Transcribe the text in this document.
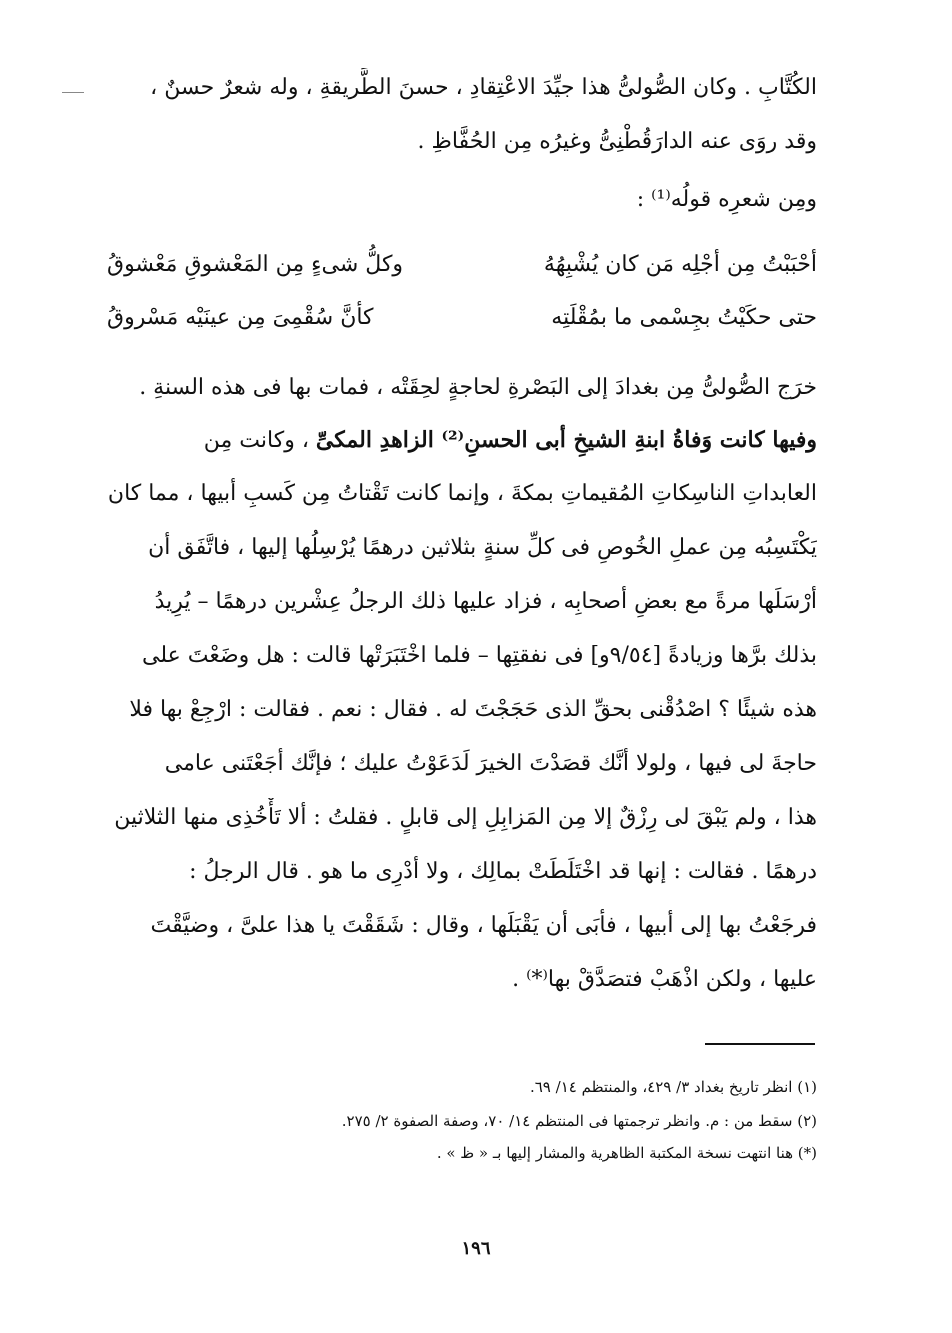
الكُتَّابِ . وكان الصُّولىُّ هذا جيِّدَ الاعْتِقادِ ، حسنَ الطَّريقةِ ، وله شعرٌ حسنٌ ،
وقد روَى عنه الدارَقُطْنِىُّ وغيرُه مِن الحُفَّاظِ .
ومِن شعرِه قولُه⁽¹⁾ :
أحْبَبْتُ مِن أجْلِه مَن كان يُشْبِهُهُ
وكلُّ شىءٍ مِن المَعْشوقِ مَعْشوقُ
حتى حكَيْتُ بجِسْمى ما بمُقْلَتِه
كأنَّ سُقْمِىَ مِن عينَيْه مَسْروقُ
خرَج الصُّولىُّ مِن بغدادَ إلى البَصْرةِ لحاجةٍ لحِقَتْه ، فمات بها فى هذه السنةِ .
وفيها كانت وَفاةُ ابنةِ الشيخِ أبى الحسنِ⁽²⁾ الزاهدِ المكىِّ ، وكانت مِن
العابداتِ الناسِكاتِ المُقيماتِ بمكةَ ، وإنما كانت تَقْتاتُ مِن كَسبِ أبيها ، مما كان
يَكْتَسِبُه مِن عملِ الخُوصِ فى كلِّ سنةٍ بثلاثين درهمًا يُرْسِلُها إليها ، فاتَّفَق أن
أرْسَلَها مرةً مع بعضِ أصحابِه ، فزاد عليها ذلك الرجلُ عِشْرين درهمًا – يُرِيدُ
بذلك برَّها وزيادةً [٩/٥٤و] فى نفقتِها – فلما اخْتَبَرَتْها قالت : هل وضَعْتَ على
هذه شيئًا ؟ اصْدُقْنى بحقِّ الذى حَجَجْتَ له . فقال : نعم . فقالت : ارْجِعْ بها فلا
حاجةَ لى فيها ، ولولا أنَّك قصَدْتَ الخيرَ لَدَعَوْتُ عليك ؛ فإنَّك أجَعْتَنى عامى
هذا ، ولم يَبْقَ لى رِزْقٌ إلا مِن المَزابِلِ إلى قابلٍ . فقلتُ : ألا تَأْخُذِى منها الثلاثين
درهمًا . فقالت : إنها قد اخْتَلَطَتْ بمالِك ، ولا أدْرِى ما هو . قال الرجلُ :
فرجَعْتُ بها إلى أبيها ، فأبَى أن يَقْبَلَها ، وقال : شَقَقْتَ يا هذا علىَّ ، وضيَّقْتَ
عليها ، ولكن اذْهَبْ فتصَدَّقْ بها⁽*⁾ .
(١) انظر تاريخ بغداد ٣/ ٤٢٩، والمنتظم ١٤/ ٦٩.
(٢) سقط من : م. وانظر ترجمتها فى المنتظم ١٤/ ٧٠، وصفة الصفوة ٢/ ٢٧٥.
(*) هنا انتهت نسخة المكتبة الظاهرية والمشار إليها بـ « ظ » .
١٩٦
